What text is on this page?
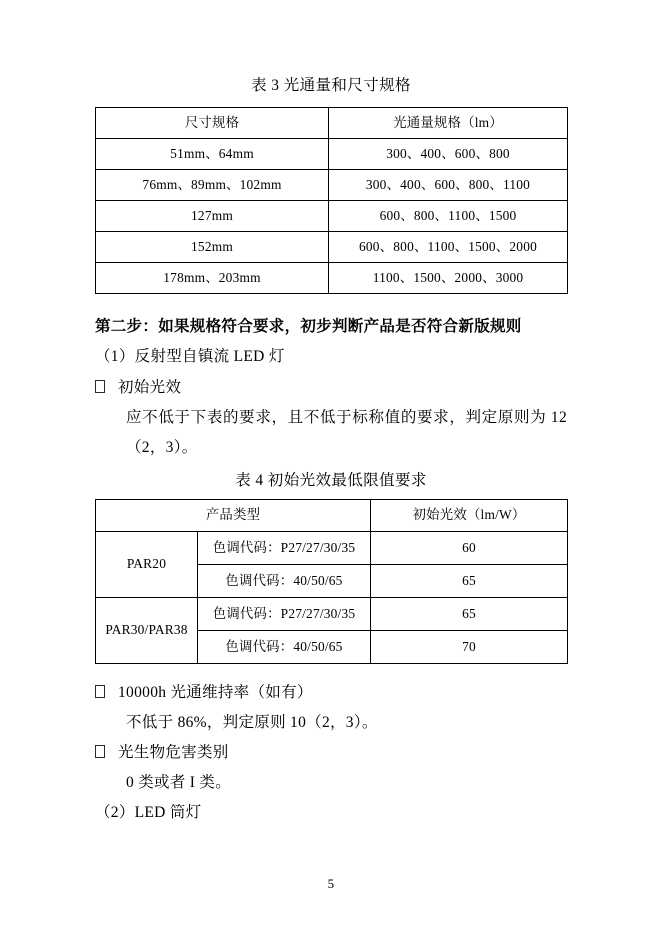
表 3 光通量和尺寸规格
尺寸规格	光通量规格（lm）
51mm、64mm	300、400、600、800
76mm、89mm、102mm	300、400、600、800、1100
127mm	600、800、1100、1500
152mm	600、800、1100、1500、2000
178mm、203mm	1100、1500、2000、3000
第二步：如果规格符合要求，初步判断产品是否符合新版规则
（1）反射型自镇流 LED 灯
初始光效
应不低于下表的要求，且不低于标称值的要求，判定原则为 12（2，3）。
表 4 初始光效最低限值要求
产品类型		初始光效（lm/W）
PAR20	色调代码：P27/27/30/35	60
	色调代码：40/50/65	65
PAR30/PAR38	色调代码：P27/27/30/35	65
	色调代码：40/50/65	70
10000h 光通维持率（如有）
不低于 86%，判定原则 10（2，3）。
光生物危害类别
0 类或者 I 类。
（2）LED 筒灯
5
